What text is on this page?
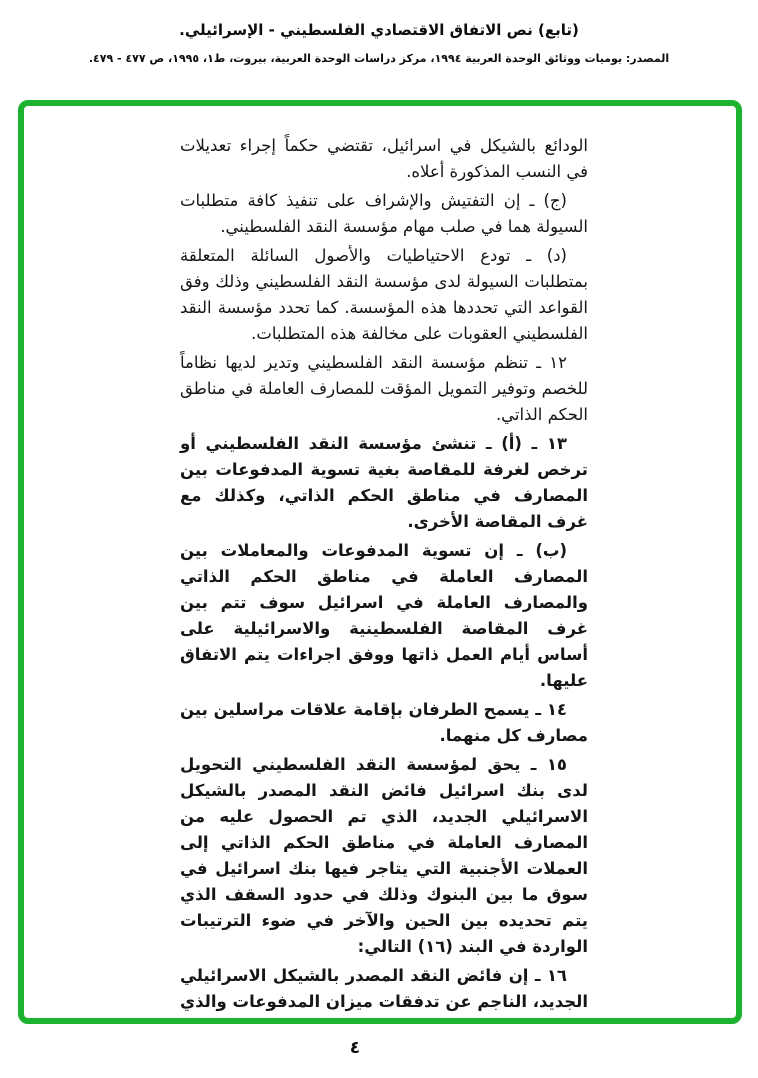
(تابع) نص الاتفاق الاقتصادي الفلسطيني - الإسرائيلي.
المصدر: يوميات ووثائق الوحدة العربية ١٩٩٤، مركز دراسات الوحدة العربية، بيروت، ط١، ١٩٩٥، ص ٤٧٧ - ٤٧٩.

الودائع بالشيكل في اسرائيل، تقتضي حكماً إجراء تعديلات في النسب المذكورة أعلاه.

(ج) ـ إن التفتيش والإشراف على تنفيذ كافة متطلبات السيولة هما في صلب مهام مؤسسة النقد الفلسطيني.

(د) ـ تودع الاحتياطيات والأصول السائلة المتعلقة بمتطلبات السيولة لدى مؤسسة النقد الفلسطيني وذلك وفق القواعد التي تحددها هذه المؤسسة. كما تحدد مؤسسة النقد الفلسطيني العقوبات على مخالفة هذه المتطلبات.

١٢ ـ تنظم مؤسسة النقد الفلسطيني وتدير لديها نظاماً للخصم وتوفير التمويل المؤقت للمصارف العاملة في مناطق الحكم الذاتي.

١٣ ـ (أ) ـ تنشئ مؤسسة النقد الفلسطيني أو ترخص لغرفة للمقاصة بغية تسوية المدفوعات بين المصارف في مناطق الحكم الذاتي، وكذلك مع غرف المقاصة الأخرى.

(ب) ـ إن تسوية المدفوعات والمعاملات بين المصارف العاملة في مناطق الحكم الذاتي والمصارف العاملة في اسرائيل سوف تتم بين غرف المقاصة الفلسطينية والاسرائيلية على أساس أيام العمل ذاتها ووفق اجراءات يتم الاتفاق عليها.

١٤ ـ يسمح الطرفان بإقامة علاقات مراسلين بين مصارف كل منهما.

١٥ ـ يحق لمؤسسة النقد الفلسطيني التحويل لدى بنك اسرائيل فائض النقد المصدر بالشيكل الاسرائيلي الجديد، الذي تم الحصول عليه من المصارف العاملة في مناطق الحكم الذاتي إلى العملات الأجنبية التي يتاجر فيها بنك اسرائيل في سوق ما بين البنوك وذلك في حدود السقف الذي يتم تحديده بين الحين والآخر في ضوء الترتيبات الواردة في البند (١٦) التالي:

١٦ ـ إن فائض النقد المصدر بالشيكل الاسرائيلي الجديد، الناجم عن تدفقات ميزان المدفوعات والذي

٤
